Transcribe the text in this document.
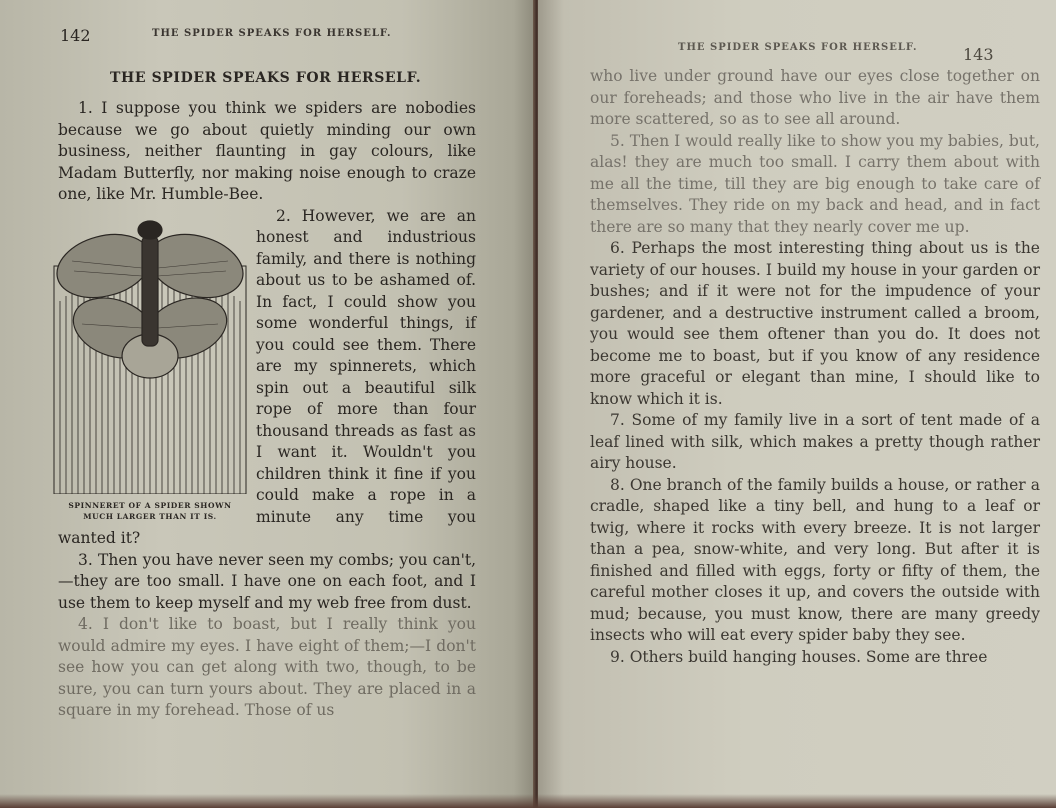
142	THE SPIDER SPEAKS FOR HERSELF.
THE SPIDER SPEAKS FOR HERSELF.

1. I suppose you think we spiders are nobodies because we go about quietly minding our own business, neither flaunting in gay colours, like Madam Butterfly, nor making noise enough to craze one, like Mr. Humble-Bee.

SPINNERET OF A SPIDER SHOWN MUCH LARGER THAN IT IS.

2. However, we are an honest and industrious family, and there is nothing about us to be ashamed of. In fact, I could show you some wonderful things, if you could see them. There are my spinnerets, which spin out a beautiful silk rope of more than four thousand threads as fast as I want it. Wouldn't you children think it fine if you could make a rope in a minute any time you wanted it?

3. Then you have never seen my combs; you can't, —they are too small. I have one on each foot, and I use them to keep myself and my web free from dust.

4. I don't like to boast, but I really think you would admire my eyes. I have eight of them;—I don't see how you can get along with two, though, to be sure, you can turn yours about. They are placed in a square in my forehead. Those of us

THE SPIDER SPEAKS FOR HERSELF.	143

who live under ground have our eyes close together on our foreheads; and those who live in the air have them more scattered, so as to see all around.

5. Then I would really like to show you my babies, but, alas! they are much too small. I carry them about with me all the time, till they are big enough to take care of themselves. They ride on my back and head, and in fact there are so many that they nearly cover me up.

6. Perhaps the most interesting thing about us is the variety of our houses. I build my house in your garden or bushes; and if it were not for the impudence of your gardener, and a destructive instrument called a broom, you would see them oftener than you do. It does not become me to boast, but if you know of any residence more graceful or elegant than mine, I should like to know which it is.

7. Some of my family live in a sort of tent made of a leaf lined with silk, which makes a pretty though rather airy house.

8. One branch of the family builds a house, or rather a cradle, shaped like a tiny bell, and hung to a leaf or twig, where it rocks with every breeze. It is not larger than a pea, snow-white, and very long. But after it is finished and filled with eggs, forty or fifty of them, the careful mother closes it up, and covers the outside with mud; because, you must know, there are many greedy insects who will eat every spider baby they see.

9. Others build hanging houses. Some are three
